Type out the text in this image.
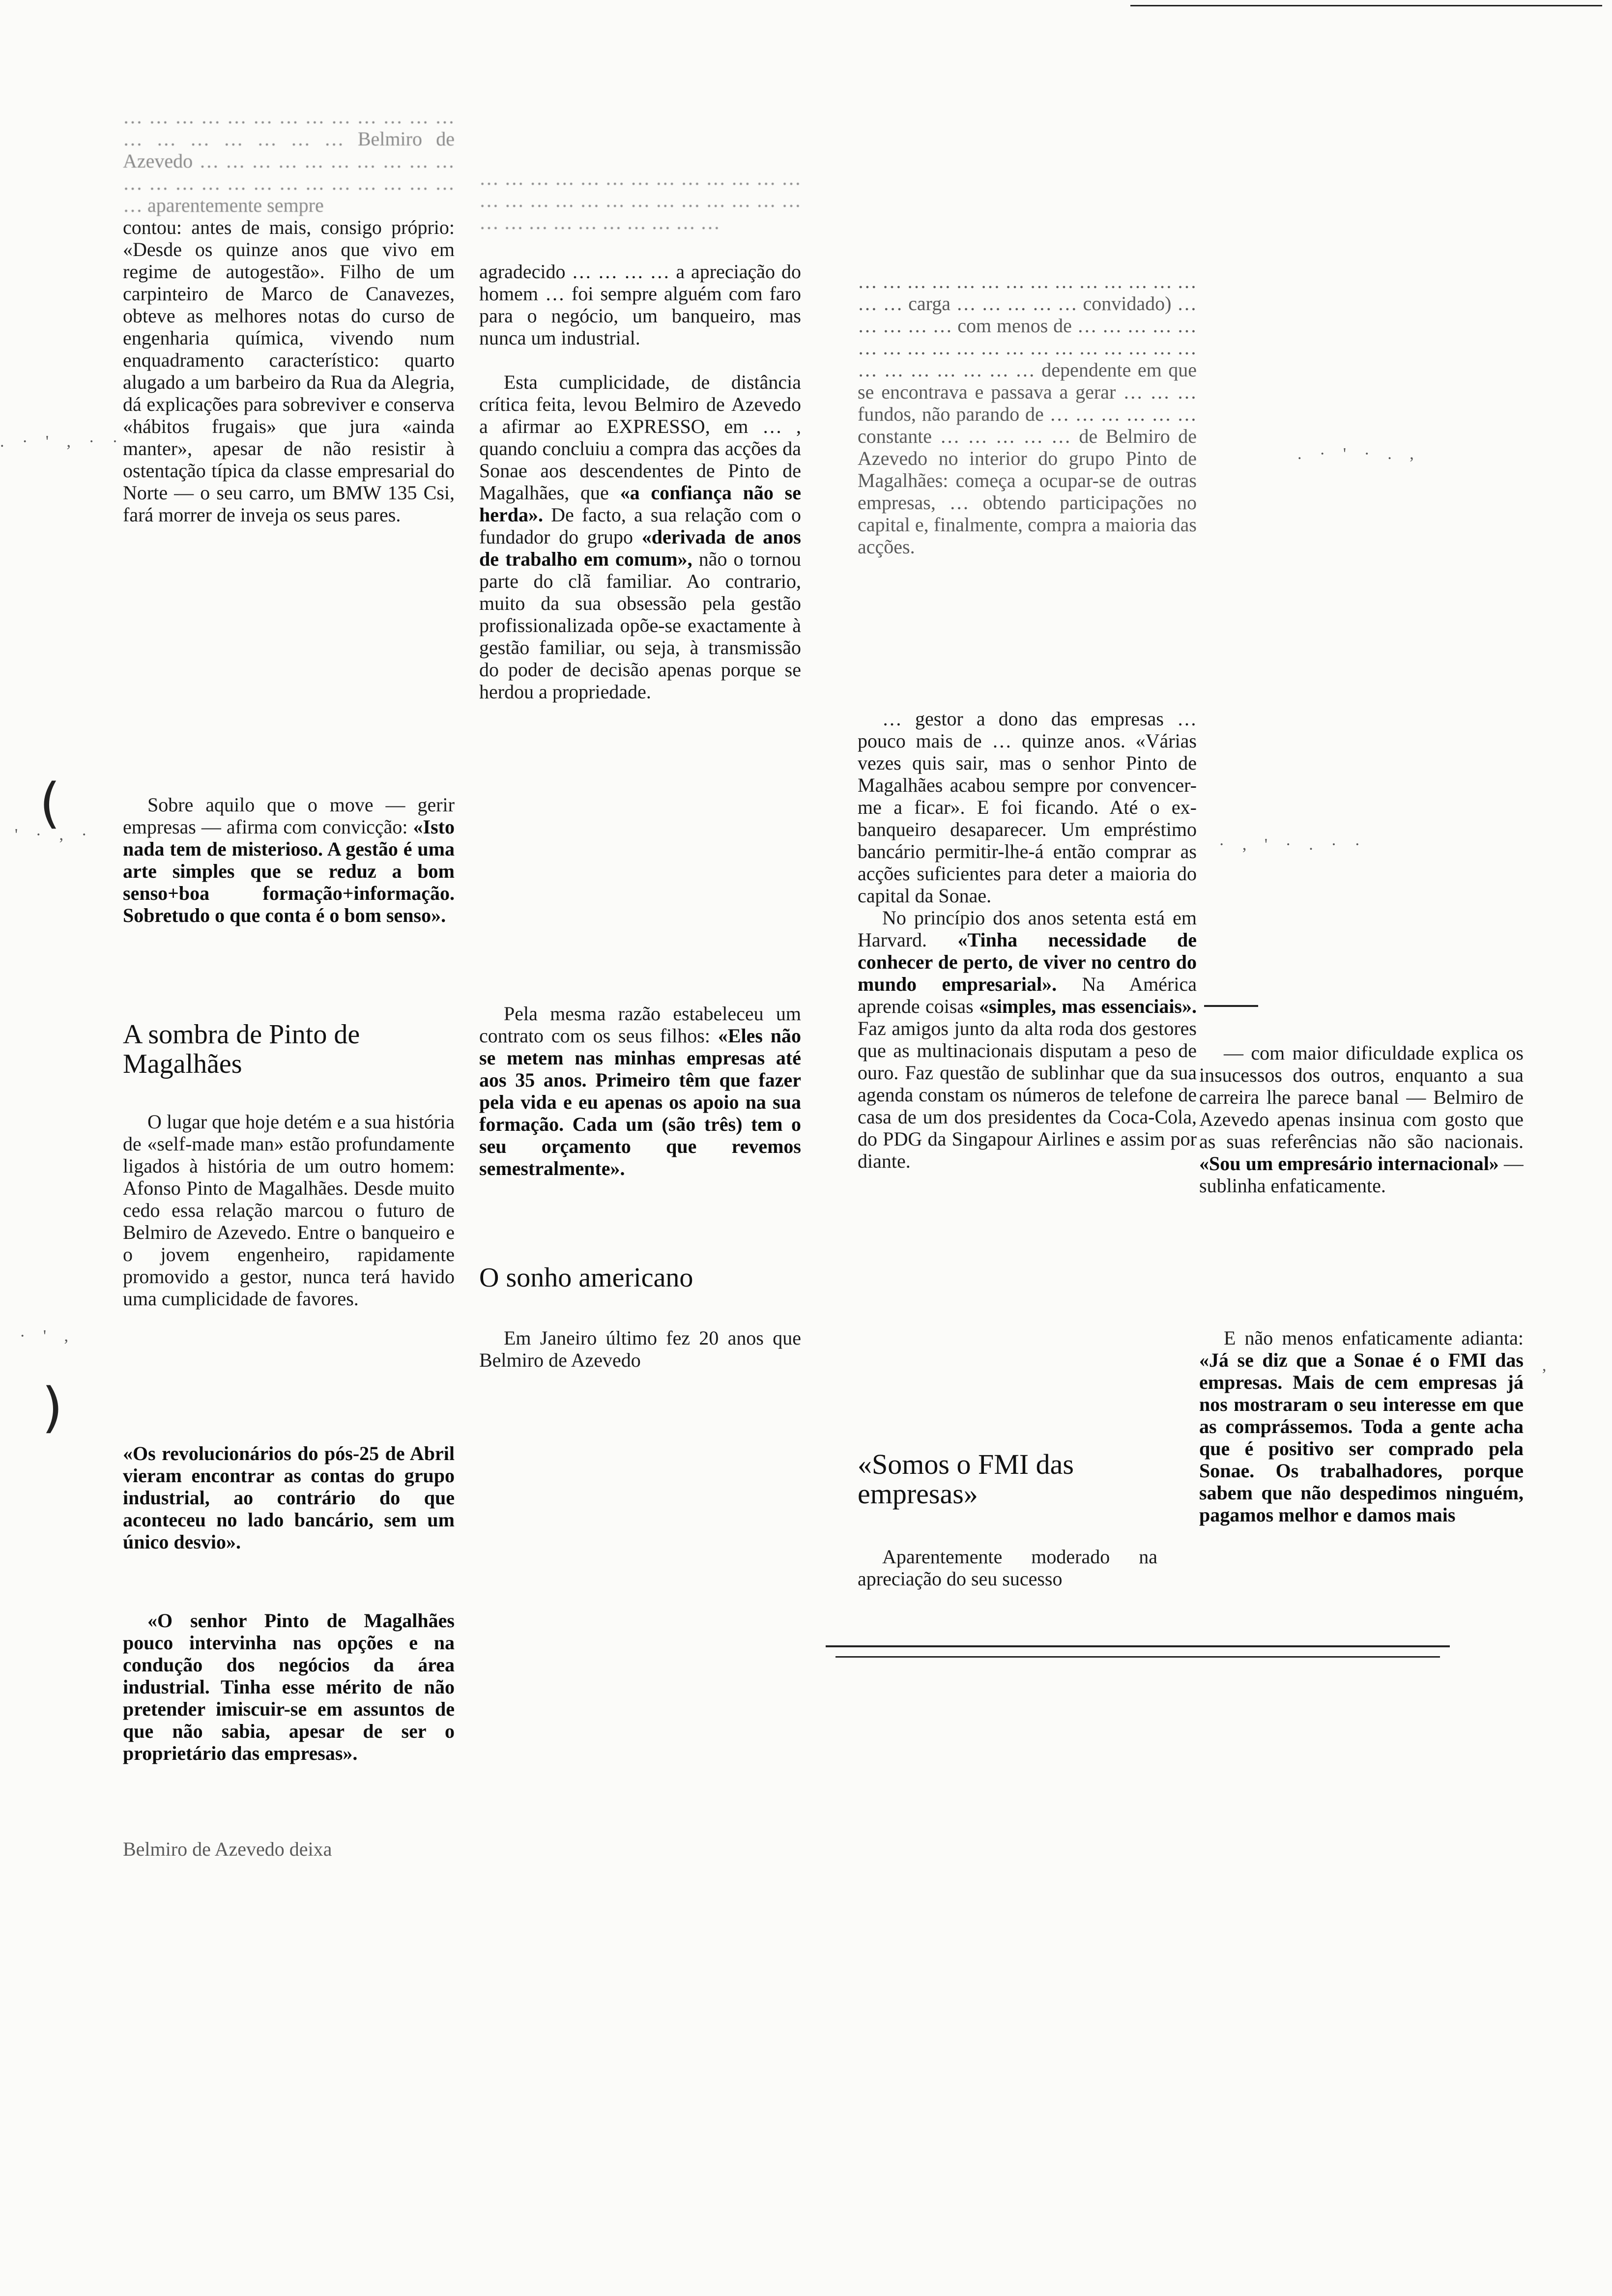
(
)
. · ' , · ·
' · , ·
· , ' · . · ·
. · ' · . ,
· ,
· ' ,

… … … … … … … … … … … … … … … … … … … … Belmiro de Azevedo … … … … … … … … … … … … … … … … … … … … … … … … aparentemente sempre

contou: antes de mais, consigo próprio: «Desde os quinze anos que vivo em regime de autogestão». Filho de um carpinteiro de Marco de Canavezes, obteve as melhores notas do curso de engenharia química, vivendo num enquadramento característico: quarto alugado a um barbeiro da Rua da Alegria, dá explicações para sobreviver e conserva «hábitos frugais» que jura «ainda manter», apesar de não resistir à ostentação típica da classe empresarial do Norte — o seu carro, um BMW 135 Csi, fará morrer de inveja os seus pares.

Sobre aquilo que o move — gerir empresas — afirma com convicção: «Isto nada tem de misterioso. A gestão é uma arte simples que se reduz a bom senso+boa formação+informação. Sobretudo o que conta é o bom senso».

A sombra de Pinto de Magalhães

O lugar que hoje detém e a sua história de «self-made man» estão profundamente ligados à história de um outro homem: Afonso Pinto de Magalhães. Desde muito cedo essa relação marcou o futuro de Belmiro de Azevedo. Entre o banqueiro e o jovem engenheiro, rapidamente promovido a gestor, nunca terá havido uma cumplicidade de favores.

«Os revolucionários do pós-25 de Abril vieram encontrar as contas do grupo industrial, ao contrário do que aconteceu no lado bancário, sem um único desvio».

«O senhor Pinto de Magalhães pouco intervinha nas opções e na condução dos negócios da área industrial. Tinha esse mérito de não pretender imiscuir-se em assuntos de que não sabia, apesar de ser o proprietário das empresas».

Belmiro de Azevedo deixa

… … … … … … … … … … … … … … … … … … … … … … … … … … … … … … … … … … … …

agradecido … … … … a apreciação do homem … foi sempre alguém com faro para o negócio, um banqueiro, mas nunca um industrial.

Esta cumplicidade, de distância crítica feita, levou Belmiro de Azevedo a afirmar ao EXPRESSO, em … , quando concluiu a compra das acções da Sonae aos descendentes de Pinto de Magalhães, que «a confiança não se herda». De facto, a sua relação com o fundador do grupo «derivada de anos de trabalho em comum», não o tornou parte do clã familiar. Ao contrario, muito da sua obsessão pela gestão profissionalizada opõe-se exactamente à gestão familiar, ou seja, à transmissão do poder de decisão apenas porque se herdou a propriedade.

Pela mesma razão estabeleceu um contrato com os seus filhos: «Eles não se metem nas minhas empresas até aos 35 anos. Primeiro têm que fazer pela vida e eu apenas os apoio na sua formação. Cada um (são três) tem o seu orçamento que revemos semestralmente».

O sonho americano

Em Janeiro último fez 20 anos que Belmiro de Azevedo

… … … … … … … … … … … … … … … … carga … … … … … convidado) … … … … … com menos de … … … … … … … … … … … … … … … … … … … … … … … … … … dependente em que se encontrava e passava a gerar … … … fundos, não parando de … … … … … … constante … … … … … de Belmiro de Azevedo no interior do grupo Pinto de Magalhães: começa a ocupar-se de outras empresas, … obtendo participações no capital e, finalmente, compra a maioria das acções.

… gestor a dono das empresas … pouco mais de … quinze anos. «Várias vezes quis sair, mas o senhor Pinto de Magalhães acabou sempre por convencer-me a ficar». E foi ficando. Até o ex-banqueiro desaparecer. Um empréstimo bancário permitir-lhe-á então comprar as acções suficientes para deter a maioria do capital da Sonae.

No princípio dos anos setenta está em Harvard. «Tinha necessidade de conhecer de perto, de viver no centro do mundo empresarial». Na América aprende coisas «simples, mas essenciais». Faz amigos junto da alta roda dos gestores que as multinacionais disputam a peso de ouro. Faz questão de sublinhar que da sua agenda constam os números de telefone de casa de um dos presidentes da Coca-Cola, do PDG da Singapour Airlines e assim por diante.

«Somos o FMI das empresas»

Aparentemente moderado na apreciação do seu sucesso

— com maior dificuldade explica os insucessos dos outros, enquanto a sua carreira lhe parece banal — Belmiro de Azevedo apenas insinua com gosto que as suas referências não são nacionais. «Sou um empresário internacional» — sublinha enfaticamente.

E não menos enfaticamente adianta: «Já se diz que a Sonae é o FMI das empresas. Mais de cem empresas já nos mostraram o seu interesse em que as comprássemos. Toda a gente acha que é positivo ser comprado pela Sonae. Os trabalhadores, porque sabem que não despedimos ninguém, pagamos melhor e damos mais
